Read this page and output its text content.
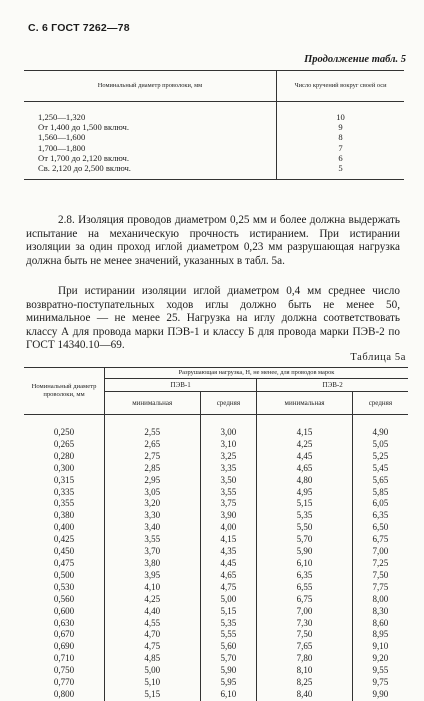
С. 6 ГОСТ 7262—78
Продолжение табл. 5
Номинальный диаметр проволоки, мм	Число кручений вокруг своей оси
1,250—1,320	10
От 1,400 до 1,500 включ.	9
1,560—1,600	8
1,700—1,800	7
От 1,700 до 2,120 включ.	6
Св. 2,120 до 2,500 включ.	5
2.8. Изоляция проводов диаметром 0,25 мм и более должна выдержать испытание на механическую прочность истиранием. При истирании изоляции за один проход иглой диаметром 0,23 мм разрушающая нагрузка должна быть не менее значений, указанных в табл. 5а.
При истирании изоляции иглой диаметром 0,4 мм среднее число возвратно-поступательных ходов иглы должно быть не менее 50, минимальное — не менее 25. Нагрузка на иглу должна соответствовать классу А для провода марки ПЭВ-1 и классу Б для провода марки ПЭВ-2 по ГОСТ 14340.10—69.
Таблица 5а
Номинальный диаметр проволоки, мм	Разрушающая нагрузка, Н, не менее, для проводов марок			
	ПЭВ-1		ПЭВ-2	
	минимальная	средняя	минимальная	средняя
0,250	2,55	3,00	4,15	4,90
0,265	2,65	3,10	4,25	5,05
0,280	2,75	3,25	4,45	5,25
0,300	2,85	3,35	4,65	5,45
0,315	2,95	3,50	4,80	5,65
0,335	3,05	3,55	4,95	5,85
0,355	3,20	3,75	5,15	6,05
0,380	3,30	3,90	5,35	6,35
0,400	3,40	4,00	5,50	6,50
0,425	3,55	4,15	5,70	6,75
0,450	3,70	4,35	5,90	7,00
0,475	3,80	4,45	6,10	7,25
0,500	3,95	4,65	6,35	7,50
0,530	4,10	4,75	6,55	7,75
0,560	4,25	5,00	6,75	8,00
0,600	4,40	5,15	7,00	8,30
0,630	4,55	5,35	7,30	8,60
0,670	4,70	5,55	7,50	8,95
0,690	4,75	5,60	7,65	9,10
0,710	4,85	5,70	7,80	9,20
0,750	5,00	5,90	8,10	9,55
0,770	5,10	5,95	8,25	9,75
0,800	5,15	6,10	8,40	9,90
